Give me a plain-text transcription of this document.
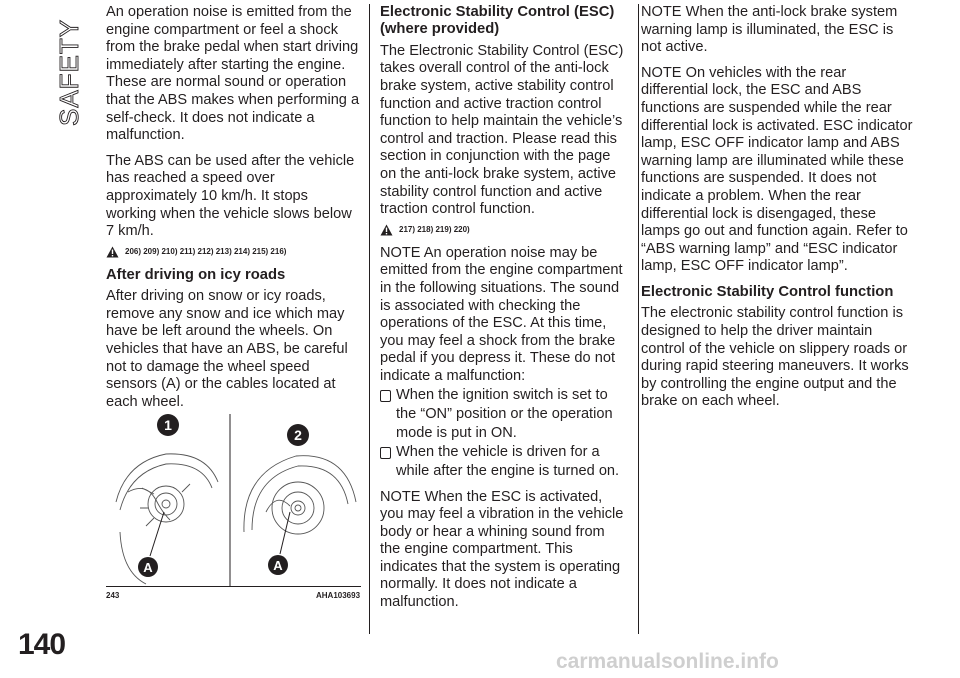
SAFETY
140

An operation noise is emitted from the engine compartment or feel a shock from the brake pedal when start driving immediately after starting the engine. These are normal sound or operation that the ABS makes when performing a self-check. It does not indicate a malfunction.

The ABS can be used after the vehicle has reached a speed over approximately 10 km/h. It stops working when the vehicle slows below 7 km/h.

206) 209) 210) 211) 212) 213) 214) 215) 216)
After driving on icy roads

After driving on snow or icy roads, remove any snow and ice which may have be left around the wheels. On vehicles that have an ABS, be careful not to damage the wheel speed sensors (A) or the cables located at each wheel.

1
A
2
A
243	AHA103693
Electronic Stability Control (ESC) (where provided)

The Electronic Stability Control (ESC) takes overall control of the anti-lock brake system, active stability control function and active traction control function to help maintain the vehicle’s control and traction. Please read this section in conjunction with the page on the anti-lock brake system, active stability control function and active traction control function.

217) 218) 219) 220)

NOTE An operation noise may be emitted from the engine compartment in the following situations. The sound is associated with checking the operations of the ESC. At this time, you may feel a shock from the brake pedal if you depress it. These do not indicate a malfunction:

When the ignition switch is set to the “ON” position or the operation mode is put in ON.
When the vehicle is driven for a while after the engine is turned on.

NOTE When the ESC is activated, you may feel a vibration in the vehicle body or hear a whining sound from the engine compartment. This indicates that the system is operating normally. It does not indicate a malfunction.

NOTE When the anti-lock brake system warning lamp is illuminated, the ESC is not active.

NOTE On vehicles with the rear differential lock, the ESC and ABS functions are suspended while the rear differential lock is activated. ESC indicator lamp, ESC OFF indicator lamp and ABS warning lamp are illuminated while these functions are suspended. It does not indicate a problem. When the rear differential lock is disengaged, these lamps go out and function again. Refer to “ABS warning lamp” and “ESC indicator lamp, ESC OFF indicator lamp”.

Electronic Stability Control function

The electronic stability control function is designed to help the driver maintain control of the vehicle on slippery roads or during rapid steering maneuvers. It works by controlling the engine output and the brake on each wheel.

carmanualsonline.info
